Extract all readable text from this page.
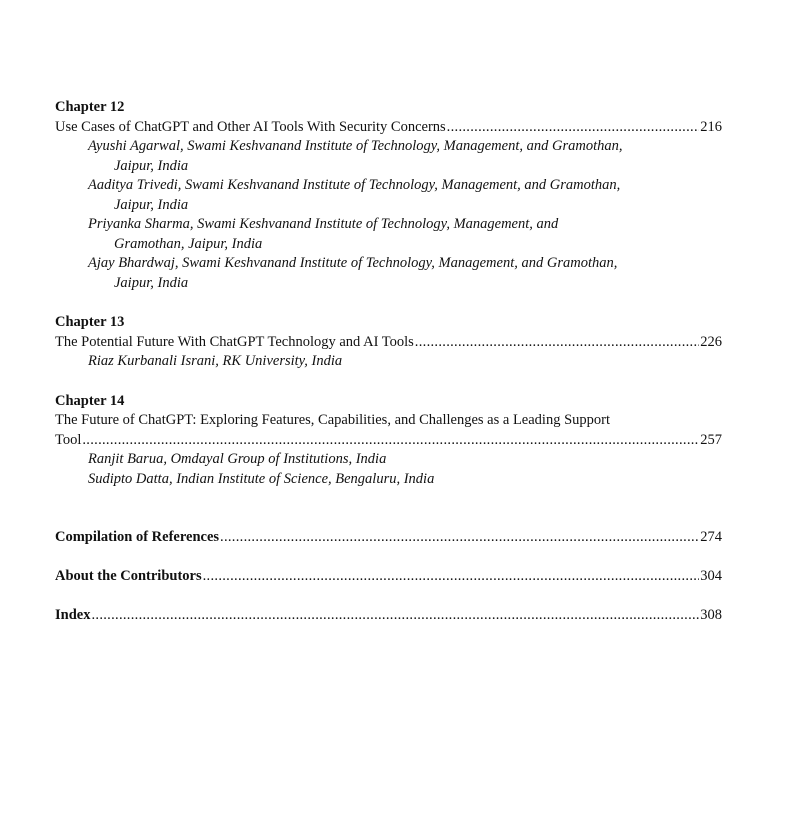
Chapter 12
Use Cases of ChatGPT and Other AI Tools With Security Concerns .....	216
Ayushi Agarwal, Swami Keshvanand Institute of Technology, Management, and Gramothan,
Jaipur, India
Aaditya Trivedi, Swami Keshvanand Institute of Technology, Management, and Gramothan,
Jaipur, India
Priyanka Sharma, Swami Keshvanand Institute of Technology, Management, and
Gramothan, Jaipur, India
Ajay Bhardwaj, Swami Keshvanand Institute of Technology, Management, and Gramothan,
Jaipur, India
Chapter 13
The Potential Future With ChatGPT Technology and AI Tools .....	226
Riaz Kurbanali Israni, RK University, India
Chapter 14
The Future of ChatGPT: Exploring Features, Capabilities, and Challenges as a Leading Support
Tool .....	257
Ranjit Barua, Omdayal Group of Institutions, India
Sudipto Datta, Indian Institute of Science, Bengaluru, India
Compilation of References .....	274
About the Contributors .....	304
Index .....	308
